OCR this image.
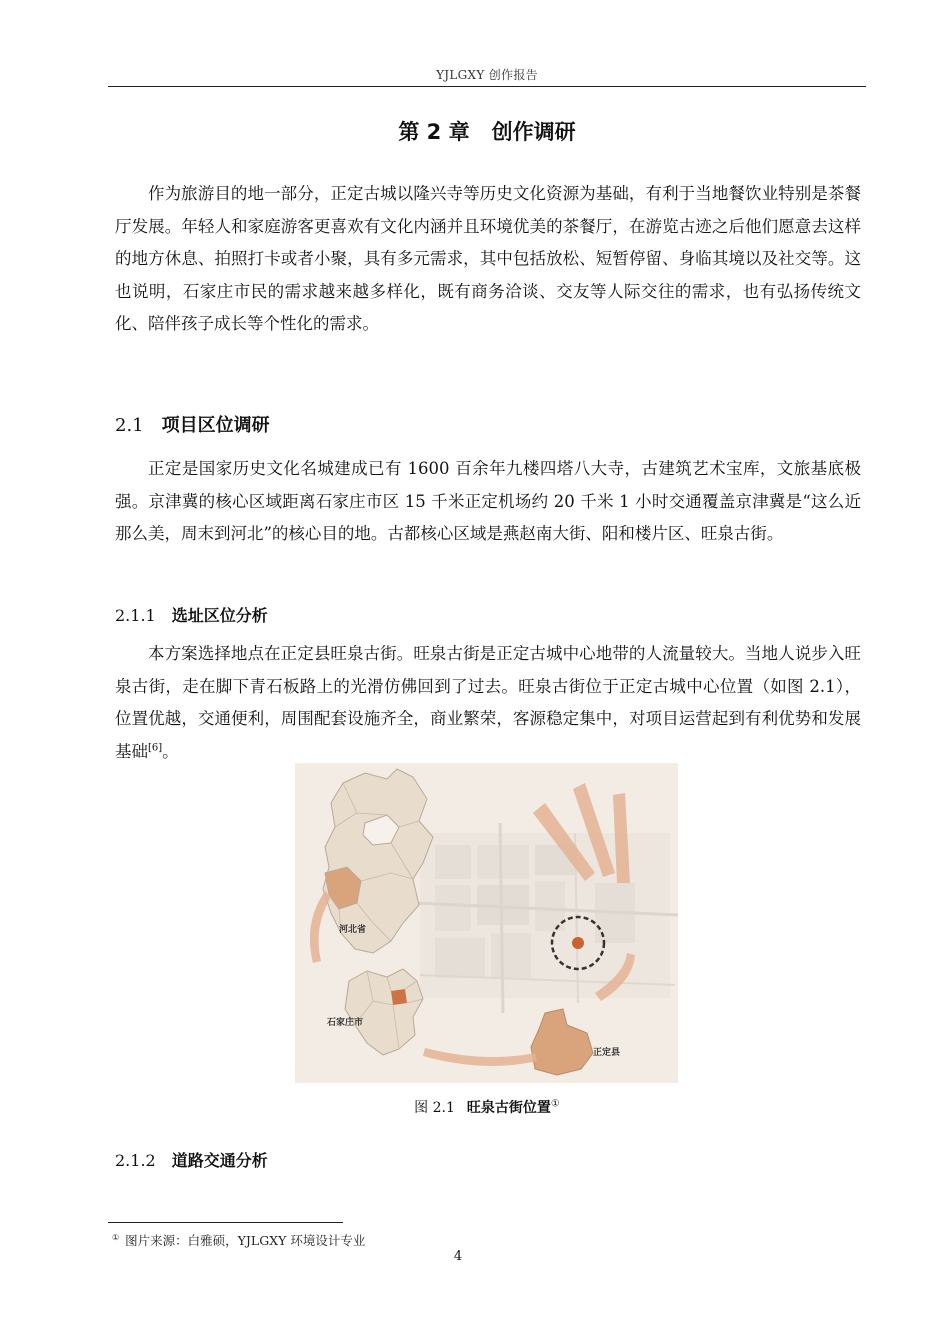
YJLGXY 创作报告
第 2 章 创作调研

作为旅游目的地一部分，正定古城以隆兴寺等历史文化资源为基础，有利于当地餐饮业特别是茶餐厅发展。年轻人和家庭游客更喜欢有文化内涵并且环境优美的茶餐厅，在游览古迹之后他们愿意去这样的地方休息、拍照打卡或者小聚，具有多元需求，其中包括放松、短暂停留、身临其境以及社交等。这也说明，石家庄市民的需求越来越多样化，既有商务洽谈、交友等人际交往的需求，也有弘扬传统文化、陪伴孩子成长等个性化的需求。

2.1 项目区位调研

正定是国家历史文化名城建成已有 1600 百余年九楼四塔八大寺，古建筑艺术宝库，文旅基底极强。京津冀的核心区域距离石家庄市区 15 千米正定机场约 20 千米 1 小时交通覆盖京津冀是“这么近那么美，周末到河北”的核心目的地。古都核心区域是燕赵南大街、阳和楼片区、旺泉古街。

2.1.1 选址区位分析

本方案选择地点在正定县旺泉古街。旺泉古街是正定古城中心地带的人流量较大。当地人说步入旺泉古街，走在脚下青石板路上的光滑仿佛回到了过去。旺泉古街位于正定古城中心位置（如图 2.1），位置优越，交通便利，周围配套设施齐全，商业繁荣，客源稳定集中，对项目运营起到有利优势和发展基础[6]。

河北省
石家庄市
正定县
图 2.1 旺泉古街位置①
2.1.2 道路交通分析
① 图片来源：白雅硕，YJLGXY 环境设计专业
4
